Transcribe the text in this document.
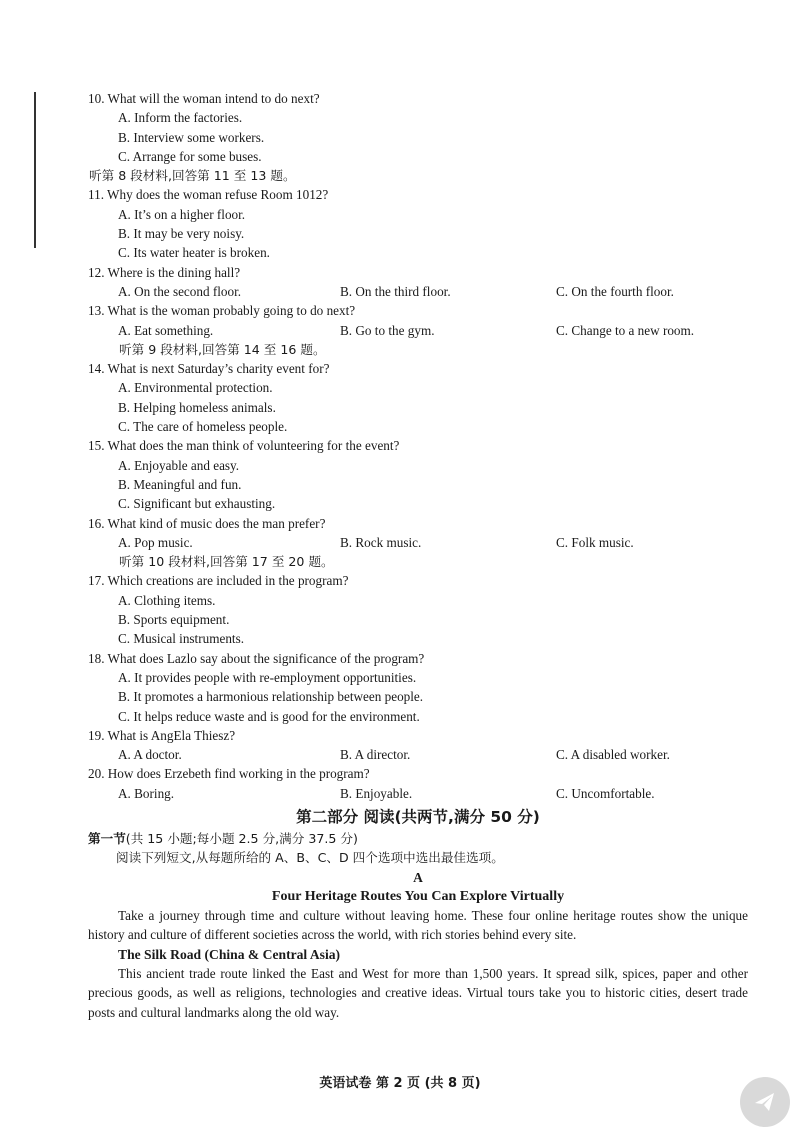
10. What will the woman intend to do next?
A. Inform the factories.
B. Interview some workers.
C. Arrange for some buses.
听第 8 段材料,回答第 11 至 13 题。
11. Why does the woman refuse Room 1012?
A. It’s on a higher floor.
B. It may be very noisy.
C. Its water heater is broken.
12. Where is the dining hall?
A. On the second floor.	B. On the third floor.	C. On the fourth floor.
13. What is the woman probably going to do next?
A. Eat something.	B. Go to the gym.	C. Change to a new room.
听第 9 段材料,回答第 14 至 16 题。
14. What is next Saturday’s charity event for?
A. Environmental protection.
B. Helping homeless animals.
C. The care of homeless people.
15. What does the man think of volunteering for the event?
A. Enjoyable and easy.
B. Meaningful and fun.
C. Significant but exhausting.
16. What kind of music does the man prefer?
A. Pop music.	B. Rock music.	C. Folk music.
听第 10 段材料,回答第 17 至 20 题。
17. Which creations are included in the program?
A. Clothing items.
B. Sports equipment.
C. Musical instruments.
18. What does Lazlo say about the significance of the program?
A. It provides people with re-employment opportunities.
B. It promotes a harmonious relationship between people.
C. It helps reduce waste and is good for the environment.
19. What is AngEla Thiesz?
A. A doctor.	B. A director.	C. A disabled worker.
20. How does Erzebeth find working in the program?
A. Boring.	B. Enjoyable.	C. Uncomfortable.
第二部分 阅读(共两节,满分 50 分)
第一节(共 15 小题;每小题 2.5 分,满分 37.5 分)
阅读下列短文,从每题所给的 A、B、C、D 四个选项中选出最佳选项。
A
Four Heritage Routes You Can Explore Virtually
Take a journey through time and culture without leaving home. These four online heritage routes show the unique history and culture of different societies across the world, with rich stories behind every site.
The Silk Road (China & Central Asia)
This ancient trade route linked the East and West for more than 1,500 years. It spread silk, spices, paper and other precious goods, as well as religions, technologies and creative ideas. Virtual tours take you to historic cities, desert trade posts and cultural landmarks along the old way.
英语试卷 第 2 页 (共 8 页)
